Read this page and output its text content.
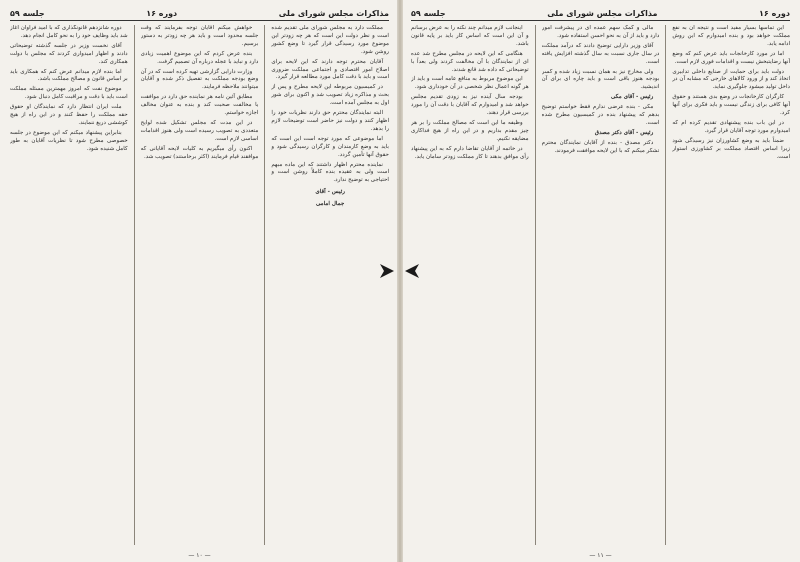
مذاکرات مجلس شورای ملی
دوره ۱۶
جلسه ۵۹

مملکت دارد به مجلس شورای ملی تقدیم شده است و نظر دولت این است که هر چه زودتر این موضوع مورد رسیدگی قرار گیرد تا وضع کشور روشن شود.

آقایان محترم توجه دارند که این لایحه برای اصلاح امور اقتصادی و اجتماعی مملکت ضروری است و باید با دقت کامل مورد مطالعه قرار گیرد.

در کمیسیون مربوطه این لایحه مطرح و پس از بحث و مذاکره زیاد تصویب شد و اکنون برای شور اول به مجلس آمده است.

البته نمایندگان محترم حق دارند نظریات خود را اظهار کنند و دولت نیز حاضر است توضیحات لازم را بدهد.

اما موضوعی که مورد توجه است این است که باید به وضع کارمندان و کارگران رسیدگی شود و حقوق آنها تأمین گردد.

نماینده محترم اظهار داشتند که این ماده مبهم است ولی به عقیده بنده کاملاً روشن است و احتیاجی به توضیح ندارد.

رئیس - آقای
جمال امامی

خواهش میکنم آقایان توجه بفرمایند که وقت جلسه محدود است و باید هر چه زودتر به دستور برسیم.

بنده عرض کردم که این موضوع اهمیت زیادی دارد و نباید با عجله درباره آن تصمیم گرفت.

وزارت دارایی گزارشی تهیه کرده است که در آن وضع بودجه مملکت به تفصیل ذکر شده و آقایان میتوانند ملاحظه فرمایند.

مطابق آئین نامه هر نماینده حق دارد در موافقت یا مخالفت صحبت کند و بنده به عنوان مخالف اجازه خواستم.

در این مدت که مجلس تشکیل شده لوایح متعددی به تصویب رسیده است ولی هنوز اقدامات اساسی لازم است.

اکنون رأی میگیریم به کلیات لایحه آقایانی که موافقند قیام فرمایند (اکثر برخاستند) تصویب شد.

دوره شانزدهم قانونگذاری که با امید فراوان آغاز شد باید وظایف خود را به نحو کامل انجام دهد.

آقای نخست وزیر در جلسه گذشته توضیحاتی دادند و اظهار امیدواری کردند که مجلس با دولت همکاری کند.

اما بنده لازم میدانم عرض کنم که همکاری باید بر اساس قانون و مصالح مملکت باشد.

موضوع نفت که امروز مهمترین مسئله مملکت است باید با دقت و مراقبت کامل دنبال شود.

ملت ایران انتظار دارد که نمایندگان او حقوق حقه مملکت را حفظ کنند و در این راه از هیچ کوششی دریغ ننمایند.

بنابراین پیشنهاد میکنم که این موضوع در جلسه خصوصی مطرح شود تا نظریات آقایان به طور کامل شنیده شود.

— ۱۰ —
دوره ۱۶
مذاکرات مجلس شورای ملی
جلسه ۵۹

این تماسها بسیار مفید است و نتیجه آن به نفع مملکت خواهد بود و بنده امیدوارم که این روش ادامه یابد.

اما در مورد کارخانجات باید عرض کنم که وضع آنها رضایتبخش نیست و اقدامات فوری لازم است.

دولت باید برای حمایت از صنایع داخلی تدابیری اتخاذ کند و از ورود کالاهای خارجی که مشابه آن در داخل تولید میشود جلوگیری نماید.

کارگران کارخانجات در وضع بدی هستند و حقوق آنها کافی برای زندگی نیست و باید فکری برای آنها کرد.

در این باب بنده پیشنهادی تقدیم کرده ام که امیدوارم مورد توجه آقایان قرار گیرد.

ضمناً باید به وضع کشاورزان نیز رسیدگی شود زیرا اساس اقتصاد مملکت بر کشاورزی استوار است.

مالی و کمک سهم عمده ای در پیشرفت امور دارد و باید از آن به نحو احسن استفاده شود.

آقای وزیر دارایی توضیح دادند که درآمد مملکت در سال جاری نسبت به سال گذشته افزایش یافته است.

ولی مخارج نیز به همان نسبت زیاد شده و کسر بودجه هنوز باقی است و باید چاره ای برای آن اندیشید.

رئیس - آقای مکی

مکی - بنده عرضی ندارم فقط خواستم توضیح بدهم که پیشنهاد بنده در کمیسیون مطرح شده است.

رئیس - آقای دکتر مصدق

دکتر مصدق - بنده از آقایان نمایندگان محترم تشکر میکنم که با این لایحه موافقت فرمودند.

اینجانب لازم میدانم چند نکته را به عرض برسانم و آن این است که اساس کار باید بر پایه قانون باشد.

هنگامی که این لایحه در مجلس مطرح شد عده ای از نمایندگان با آن مخالفت کردند ولی بعداً با توضیحاتی که داده شد قانع شدند.

این موضوع مربوط به منافع عامه است و باید از هر گونه اعمال نظر شخصی در آن خودداری شود.

بودجه سال آینده نیز به زودی تقدیم مجلس خواهد شد و امیدوارم که آقایان با دقت آن را مورد بررسی قرار دهند.

وظیفه ما این است که مصالح مملکت را بر هر چیز مقدم بداریم و در این راه از هیچ فداکاری مضایقه نکنیم.

در خاتمه از آقایان تقاضا دارم که به این پیشنهاد رأی موافق بدهند تا کار مملکت زودتر سامان یابد.

— ۱۱ —
